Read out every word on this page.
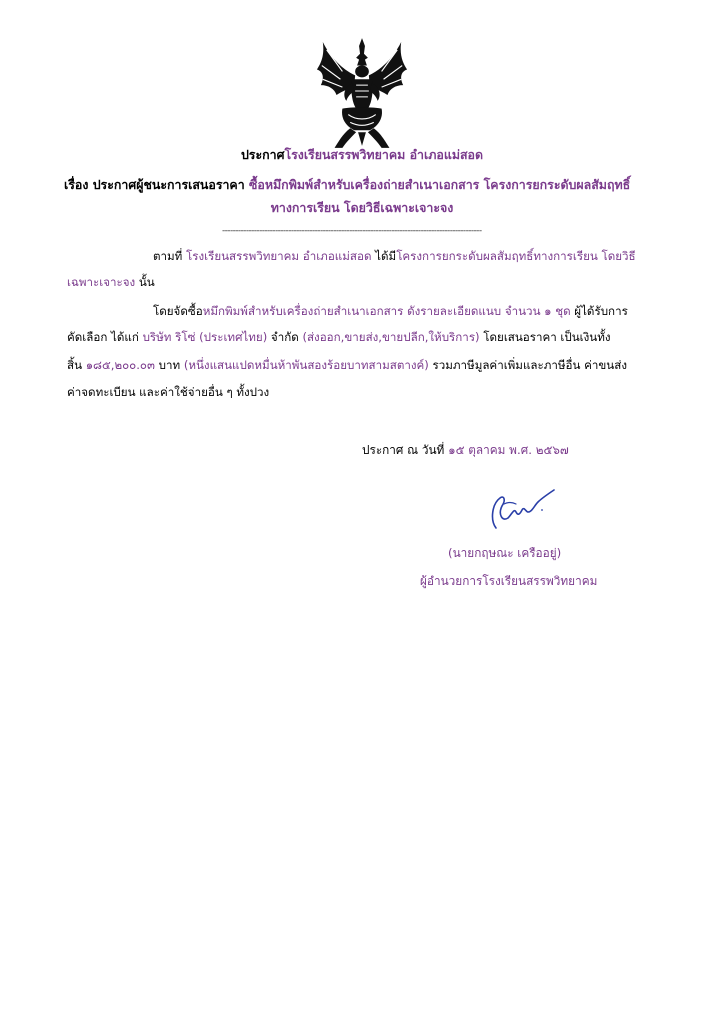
ประกาศโรงเรียนสรรพวิทยาคม อำเภอแม่สอด
เรื่อง ประกาศผู้ชนะการเสนอราคา ซื้อหมึกพิมพ์สำหรับเครื่องถ่ายสำเนาเอกสาร โครงการยกระดับผลสัมฤทธิ์
ทางการเรียน โดยวิธีเฉพาะเจาะจง
--------------------------------------------------------------------------------------------------
ตามที่ โรงเรียนสรรพวิทยาคม อำเภอแม่สอด ได้มีโครงการยกระดับผลสัมฤทธิ์ทางการเรียน โดยวิธี
เฉพาะเจาะจง นั้น
โดยจัดซื้อหมึกพิมพ์สำหรับเครื่องถ่ายสำเนาเอกสาร ดังรายละเอียดแนบ จำนวน ๑ ชุด ผู้ได้รับการ
คัดเลือก ได้แก่ บริษัท ริโซ่ (ประเทศไทย) จำกัด (ส่งออก,ขายส่ง,ขายปลีก,ให้บริการ) โดยเสนอราคา เป็นเงินทั้ง
สิ้น ๑๘๕,๒๐๐.๐๓ บาท (หนึ่งแสนแปดหมื่นห้าพันสองร้อยบาทสามสตางค์) รวมภาษีมูลค่าเพิ่มและภาษีอื่น ค่าขนส่ง
ค่าจดทะเบียน และค่าใช้จ่ายอื่น ๆ ทั้งปวง
ประกาศ ณ วันที่ ๑๕ ตุลาคม พ.ศ. ๒๕๖๗
(นายกฤษณะ เครืออยู่)
ผู้อำนวยการโรงเรียนสรรพวิทยาคม
